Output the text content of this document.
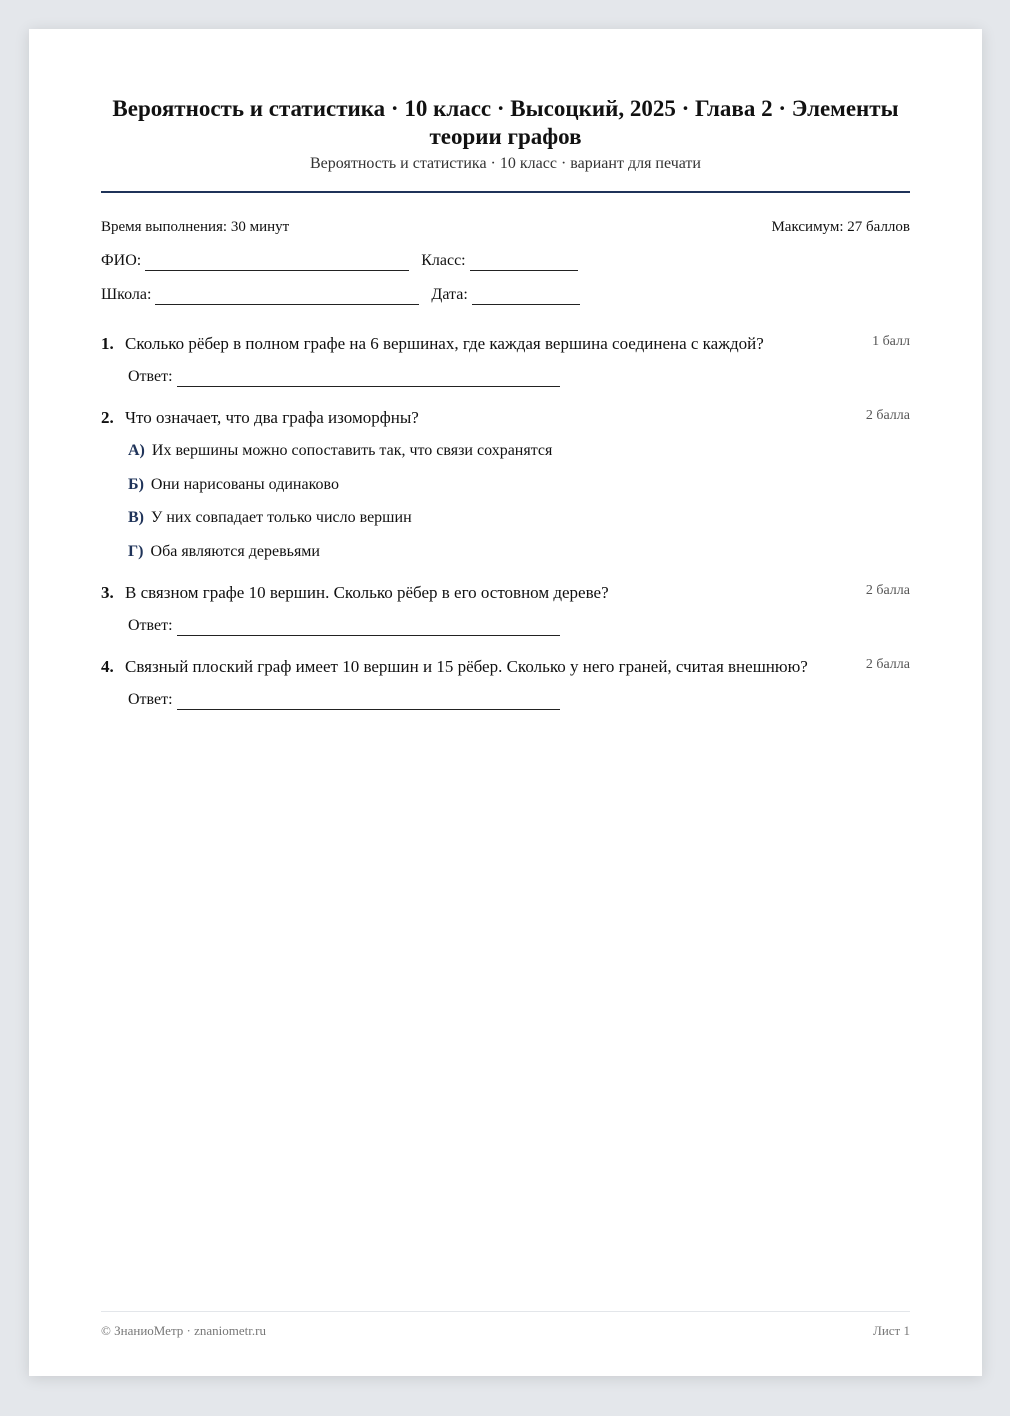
Вероятность и статистика · 10 класс · Высоцкий, 2025 · Глава 2 · Элементы теории графов
Вероятность и статистика · 10 класс · вариант для печати
Время выполнения: 30 минут	Максимум: 27 баллов
ФИО:	Класс:
Школа:	Дата:
1. Сколько рёбер в полном графе на 6 вершинах, где каждая вершина соединена с каждой?	1 балл
Ответ:
2. Что означает, что два графа изоморфны?	2 балла
А) Их вершины можно сопоставить так, что связи сохранятся
Б) Они нарисованы одинаково
В) У них совпадает только число вершин
Г) Оба являются деревьями
3. В связном графе 10 вершин. Сколько рёбер в его остовном дереве?	2 балла
Ответ:
4. Связный плоский граф имеет 10 вершин и 15 рёбер. Сколько у него граней, считая внешнюю?	2 балла
Ответ:
© ЗнаниоМетр · znaniometr.ru	Лист 1
